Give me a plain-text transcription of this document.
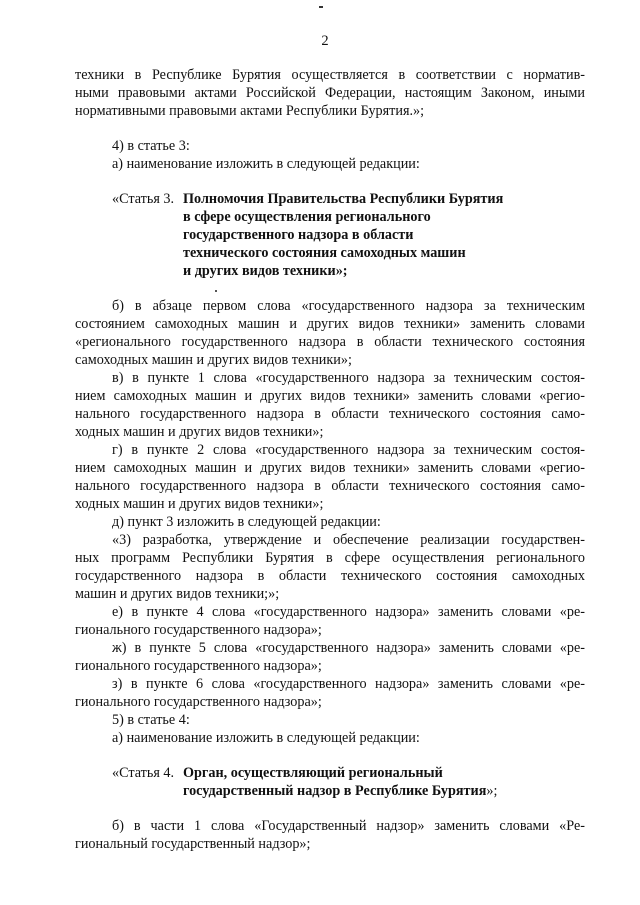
2
техники в Республике Бурятия осуществляется в соответствии с норматив-
ными правовыми актами Российской Федерации, настоящим Законом, иными
нормативными правовыми актами Республики Бурятия.»;
4) в статье 3:
а) наименование изложить в следующей редакции:
«Статья 3. Полномочия Правительства Республики Бурятия
в сфере осуществления регионального
государственного надзора в области
технического состояния самоходных машин
и других видов техники»;
б) в абзаце первом слова «государственного надзора за техническим
состоянием самоходных машин и других видов техники» заменить словами
«регионального государственного надзора в области технического состояния
самоходных машин и других видов техники»;
в) в пункте 1 слова «государственного надзора за техническим состоя-
нием самоходных машин и других видов техники» заменить словами «регио-
нального государственного надзора в области технического состояния само-
ходных машин и других видов техники»;
г) в пункте 2 слова «государственного надзора за техническим состоя-
нием самоходных машин и других видов техники» заменить словами «регио-
нального государственного надзора в области технического состояния само-
ходных машин и других видов техники»;
д) пункт 3 изложить в следующей редакции:
«3) разработка, утверждение и обеспечение реализации государствен-
ных программ Республики Бурятия в сфере осуществления регионального
государственного надзора в области технического состояния самоходных
машин и других видов техники;»;
е) в пункте 4 слова «государственного надзора» заменить словами «ре-
гионального государственного надзора»;
ж) в пункте 5 слова «государственного надзора» заменить словами «ре-
гионального государственного надзора»;
з) в пункте 6 слова «государственного надзора» заменить словами «ре-
гионального государственного надзора»;
5) в статье 4:
а) наименование изложить в следующей редакции:
«Статья 4. Орган, осуществляющий региональный
государственный надзор в Республике Бурятия»;
б) в части 1 слова «Государственный надзор» заменить словами «Ре-
гиональный государственный надзор»;
